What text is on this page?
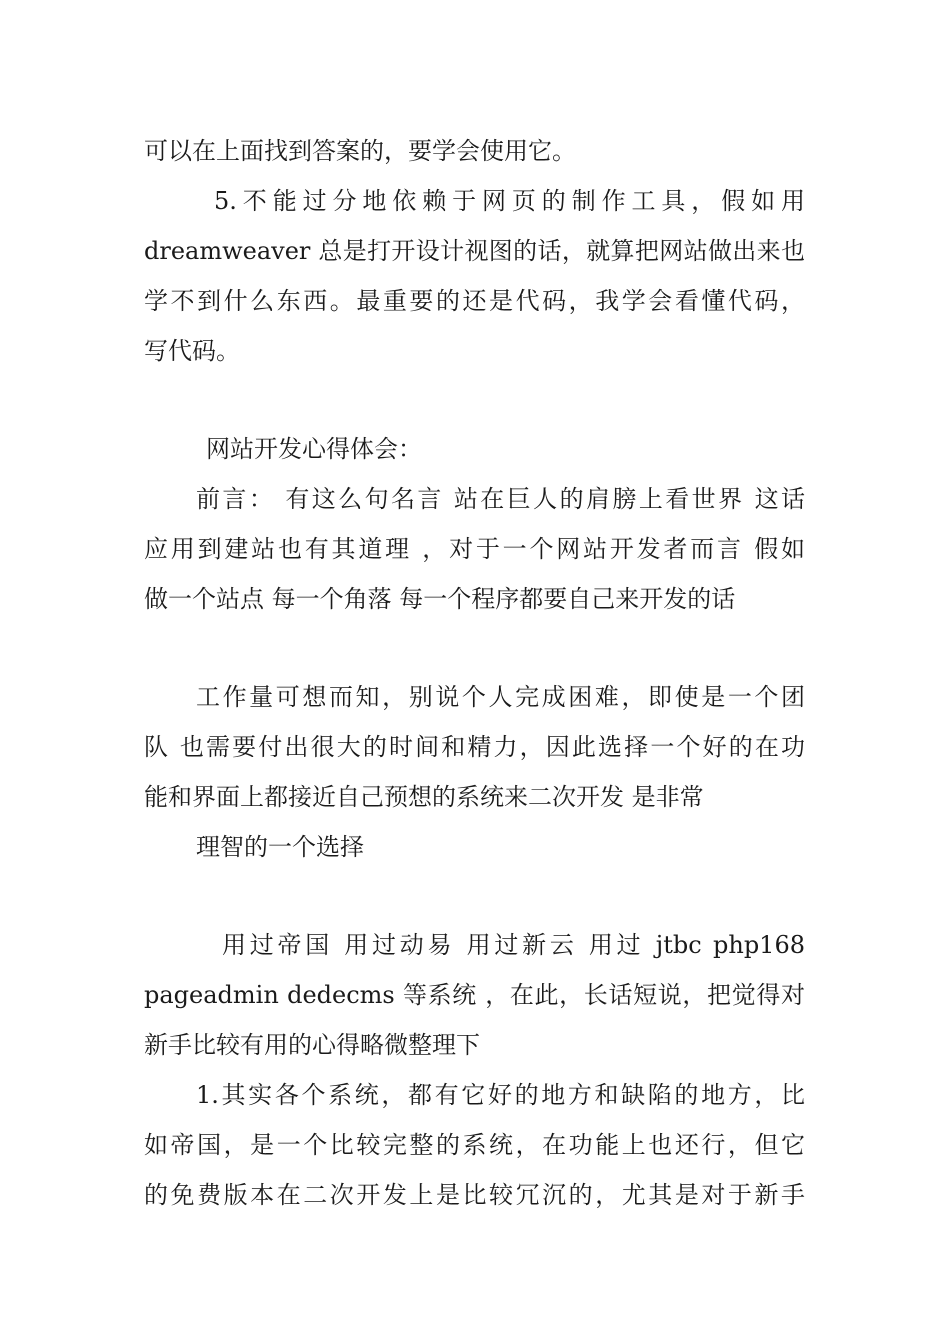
可以在上面找到答案的，要学会使用它。
5.不能过分地依赖于网页的制作工具，假如用
dreamweaver 总是打开设计视图的话，就算把网站做出来也
学不到什么东西。最重要的还是代码，我学会看懂代码，
写代码。
网站开发心得体会：
前言： 有这么句名言 站在巨人的肩膀上看世界 这话
应用到建站也有其道理 ，对于一个网站开发者而言 假如
做一个站点 每一个角落 每一个程序都要自己来开发的话
工作量可想而知，别说个人完成困难，即使是一个团
队 也需要付出很大的时间和精力，因此选择一个好的在功
能和界面上都接近自己预想的系统来二次开发 是非常
理智的一个选择
用过帝国 用过动易 用过新云 用过 jtbc php168
pageadmin dedecms 等系统 ，在此，长话短说，把觉得对
新手比较有用的心得略微整理下
1.其实各个系统，都有它好的地方和缺陷的地方，比
如帝国，是一个比较完整的系统，在功能上也还行，但它
的免费版本在二次开发上是比较冗沉的，尤其是对于新手
